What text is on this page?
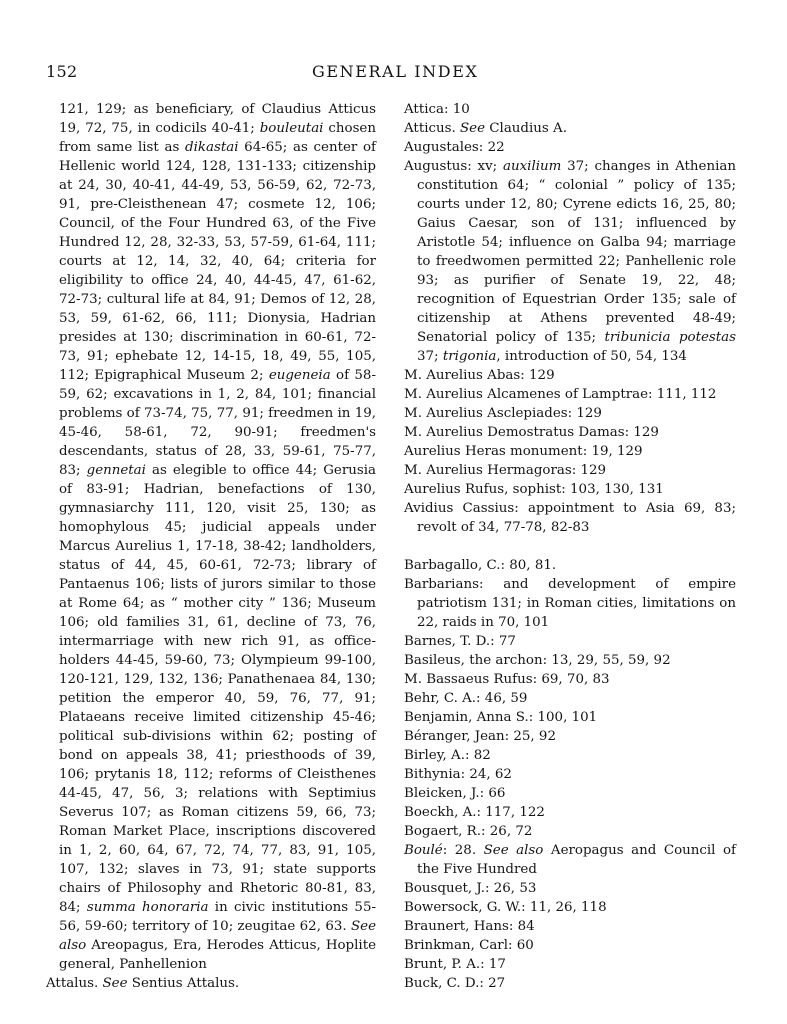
152	GENERAL INDEX

121, 129; as beneficiary, of Claudius Atticus 19, 72, 75, in codicils 40-41; bouleutai chosen from same list as dikastai 64-65; as center of Hellenic world 124, 128, 131-133; citizenship at 24, 30, 40-41, 44-49, 53, 56-59, 62, 72-73, 91, pre-Cleisthenean 47; cosmete 12, 106; Council, of the Four Hundred 63, of the Five Hundred 12, 28, 32-33, 53, 57-59, 61-64, 111; courts at 12, 14, 32, 40, 64; criteria for eligibility to office 24, 40, 44-45, 47, 61-62, 72-73; cultural life at 84, 91; Demos of 12, 28, 53, 59, 61-62, 66, 111; Dionysia, Hadrian presides at 130; discrimination in 60-61, 72-73, 91; ephebate 12, 14-15, 18, 49, 55, 105, 112; Epigraphical Museum 2; eugeneia of 58-59, 62; excavations in 1, 2, 84, 101; financial problems of 73-74, 75, 77, 91; freedmen in 19, 45-46, 58-61, 72, 90-91; freedmen's descendants, status of 28, 33, 59-61, 75-77, 83; gennetai as elegible to office 44; Gerusia of 83-91; Hadrian, benefactions of 130, gymnasiarchy 111, 120, visit 25, 130; as homophylous 45; judicial appeals under Marcus Aurelius 1, 17-18, 38-42; landholders, status of 44, 45, 60-61, 72-73; library of Pantaenus 106; lists of jurors similar to those at Rome 64; as “ mother city ” 136; Museum 106; old families 31, 61, decline of 73, 76, intermarriage with new rich 91, as office-holders 44-45, 59-60, 73; Olympieum 99-100, 120-121, 129, 132, 136; Panathenaea 84, 130; petition the emperor 40, 59, 76, 77, 91; Plataeans receive limited citizenship 45-46; political sub-divisions within 62; posting of bond on appeals 38, 41; priesthoods of 39, 106; prytanis 18, 112; reforms of Cleisthenes 44-45, 47, 56, 3; relations with Septimius Severus 107; as Roman citizens 59, 66, 73; Roman Market Place, inscriptions discovered in 1, 2, 60, 64, 67, 72, 74, 77, 83, 91, 105, 107, 132; slaves in 73, 91; state supports chairs of Philosophy and Rhetoric 80-81, 83, 84; summa honoraria in civic institutions 55-56, 59-60; territory of 10; zeugitae 62, 63. See also Areopagus, Era, Herodes Atticus, Hoplite general, Panhellenion

Attalus. See Sentius Attalus.

Attica: 10

Atticus. See Claudius A.

Augustales: 22

Augustus: xv; auxilium 37; changes in Athenian constitution 64; “ colonial ” policy of 135; courts under 12, 80; Cyrene edicts 16, 25, 80; Gaius Caesar, son of 131; influenced by Aristotle 54; influence on Galba 94; marriage to freedwomen permitted 22; Panhellenic role 93; as purifier of Senate 19, 22, 48; recognition of Equestrian Order 135; sale of citizenship at Athens prevented 48-49; Senatorial policy of 135; tribunicia potestas 37; trigonia, introduction of 50, 54, 134

M. Aurelius Abas: 129

M. Aurelius Alcamenes of Lamptrae: 111, 112

M. Aurelius Asclepiades: 129

M. Aurelius Demostratus Damas: 129

Aurelius Heras monument: 19, 129

M. Aurelius Hermagoras: 129

Aurelius Rufus, sophist: 103, 130, 131

Avidius Cassius: appointment to Asia 69, 83; revolt of 34, 77-78, 82-83

Barbagallo, C.: 80, 81.

Barbarians: and development of empire patriotism 131; in Roman cities, limitations on 22, raids in 70, 101

Barnes, T. D.: 77

Basileus, the archon: 13, 29, 55, 59, 92

M. Bassaeus Rufus: 69, 70, 83

Behr, C. A.: 46, 59

Benjamin, Anna S.: 100, 101

Béranger, Jean: 25, 92

Birley, A.: 82

Bithynia: 24, 62

Bleicken, J.: 66

Boeckh, A.: 117, 122

Bogaert, R.: 26, 72

Boulé: 28. See also Aeropagus and Council of the Five Hundred

Bousquet, J.: 26, 53

Bowersock, G. W.: 11, 26, 118

Braunert, Hans: 84

Brinkman, Carl: 60

Brunt, P. A.: 17

Buck, C. D.: 27
